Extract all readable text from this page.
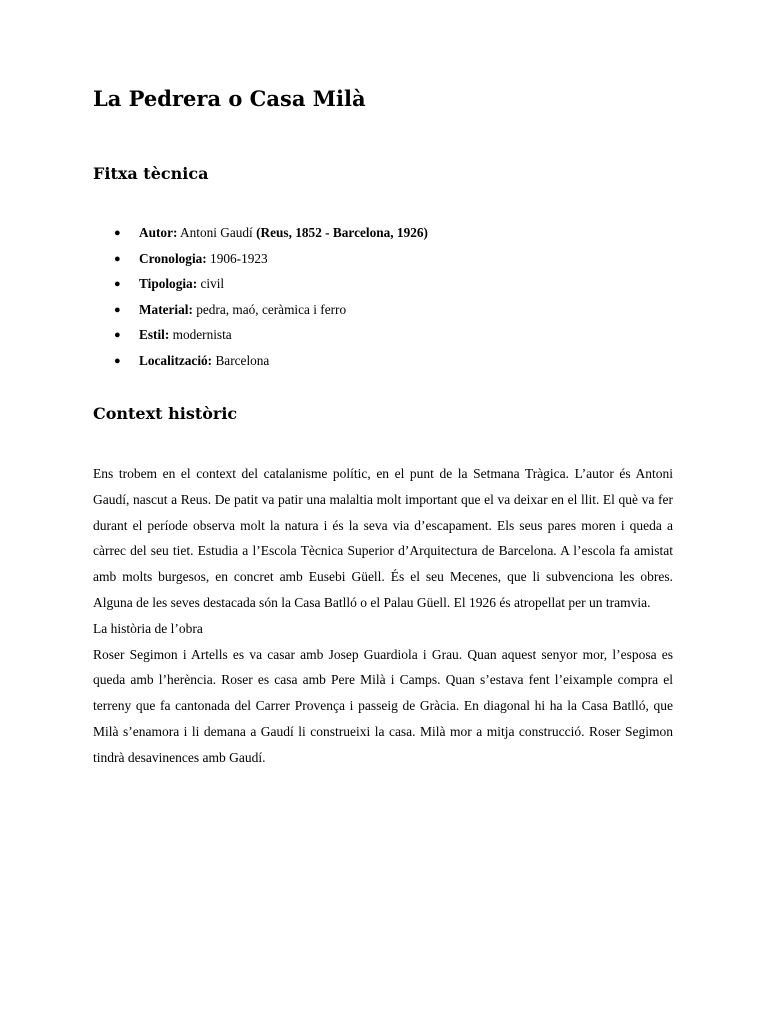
La Pedrera o Casa Milà
Fitxa tècnica
● Autor: Antoni Gaudí (Reus, 1852 - Barcelona, 1926)
● Cronologia: 1906-1923
● Tipologia: civil
● Material: pedra, maó, ceràmica i ferro
● Estil: modernista
● Localització: Barcelona
Context històric

Ens trobem en el context del catalanisme polític, en el punt de la Setmana Tràgica. L’autor és Antoni Gaudí, nascut a Reus. De patit va patir una malaltia molt important que el va deixar en el llit. El què va fer durant el període observa molt la natura i és la seva via d’escapament. Els seus pares moren i queda a càrrec del seu tiet. Estudia a l’Escola Tècnica Superior d’Arquitectura de Barcelona. A l’escola fa amistat amb molts burgesos, en concret amb Eusebi Güell. És el seu Mecenes, que li subvenciona les obres. Alguna de les seves destacada són la Casa Batlló o el Palau Güell. El 1926 és atropellat per un tramvia.

La història de l’obra

Roser Segimon i Artells es va casar amb Josep Guardiola i Grau. Quan aquest senyor mor, l’esposa es queda amb l’herència. Roser es casa amb Pere Milà i Camps. Quan s’estava fent l’eixample compra el terreny que fa cantonada del Carrer Provença i passeig de Gràcia. En diagonal hi ha la Casa Batlló, que Milà s’enamora i li demana a Gaudí li construeixi la casa. Milà mor a mitja construcció. Roser Segimon tindrà desavinences amb Gaudí.
